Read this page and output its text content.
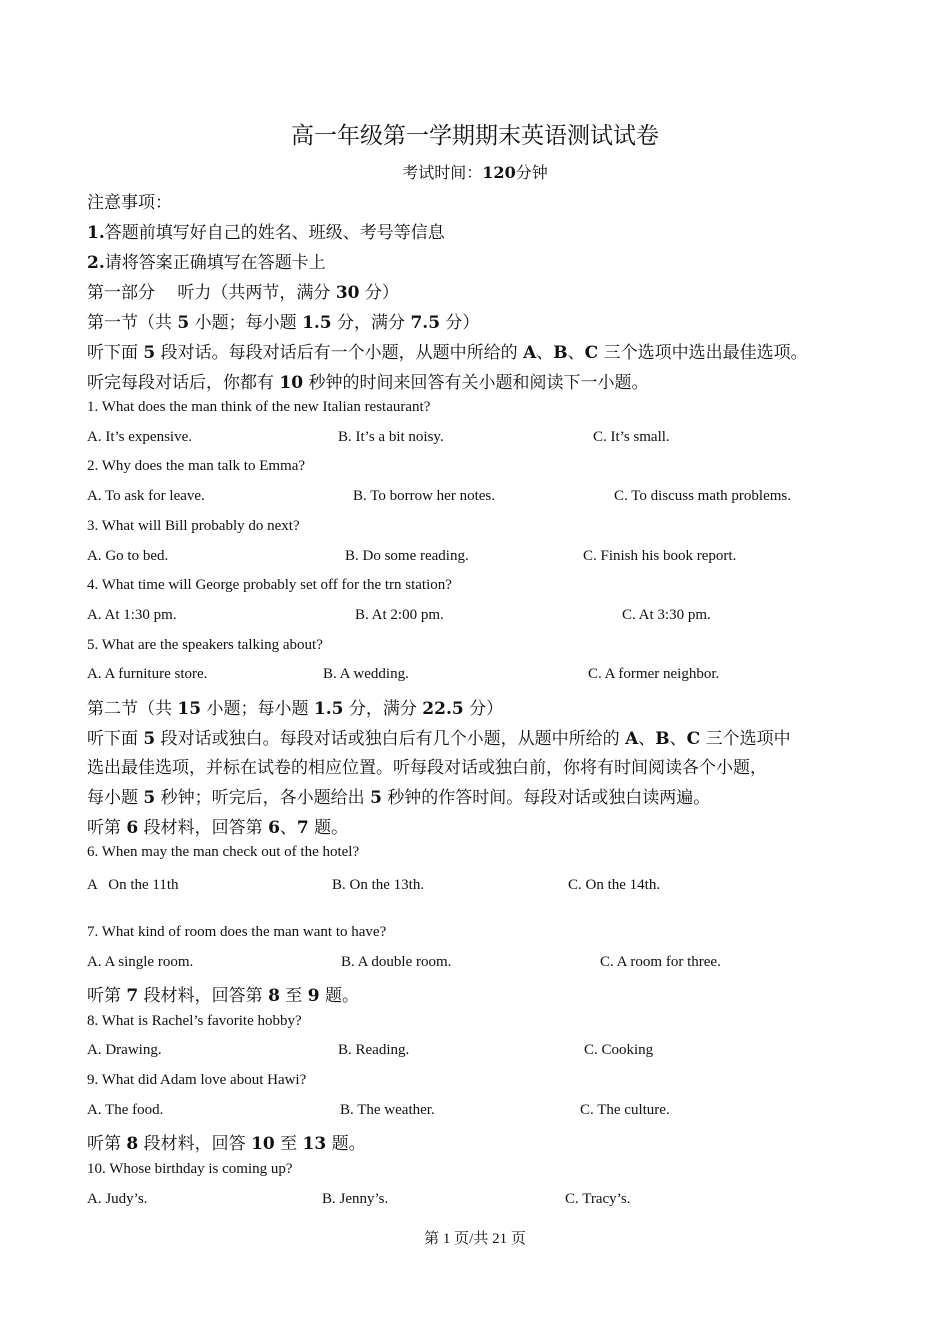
高一年级第一学期期末英语测试试卷
考试时间：120分钟
注意事项：
1.答题前填写好自己的姓名、班级、考号等信息
2.请将答案正确填写在答题卡上
第一部分　 听力（共两节，满分 30 分）
第一节（共 5 小题；每小题 1.5 分，满分 7.5 分）
听下面 5 段对话。每段对话后有一个小题，从题中所给的 A、B、C 三个选项中选出最佳选项。
听完每段对话后，你都有 10 秒钟的时间来回答有关小题和阅读下一小题。
1. What does the man think of the new Italian restaurant?
A. It’s expensive.	B. It’s a bit noisy.	C. It’s small.
2. Why does the man talk to Emma?
A. To ask for leave.	B. To borrow her notes.	C. To discuss math problems.
3. What will Bill probably do next?
A. Go to bed.	B. Do some reading.	C. Finish his book report.
4. What time will George probably set off for the trn station?
A. At 1:30 pm.	B. At 2:00 pm.	C. At 3:30 pm.
5. What are the speakers talking about?
A. A furniture store.	B. A wedding.	C. A former neighbor.
第二节（共 15 小题；每小题 1.5 分，满分 22.5 分）
听下面 5 段对话或独白。每段对话或独白后有几个小题，从题中所给的 A、B、C 三个选项中
选出最佳选项，并标在试卷的相应位置。听每段对话或独白前，你将有时间阅读各个小题，
每小题 5 秒钟；听完后，各小题给出 5 秒钟的作答时间。每段对话或独白读两遍。
听第 6 段材料，回答第 6、7 题。
6. When may the man check out of the hotel?
A   On the 11th	B. On the 13th.	C. On the 14th.
7. What kind of room does the man want to have?
A. A single room.	B. A double room.	C. A room for three.
听第 7 段材料，回答第 8 至 9 题。
8. What is Rachel’s favorite hobby?
A. Drawing.	B. Reading.	C. Cooking
9. What did Adam love about Hawi?
A. The food.	B. The weather.	C. The culture.
听第 8 段材料，回答 10 至 13 题。
10. Whose birthday is coming up?
A. Judy’s.	B. Jenny’s.	C. Tracy’s.
第 1 页/共 21 页
